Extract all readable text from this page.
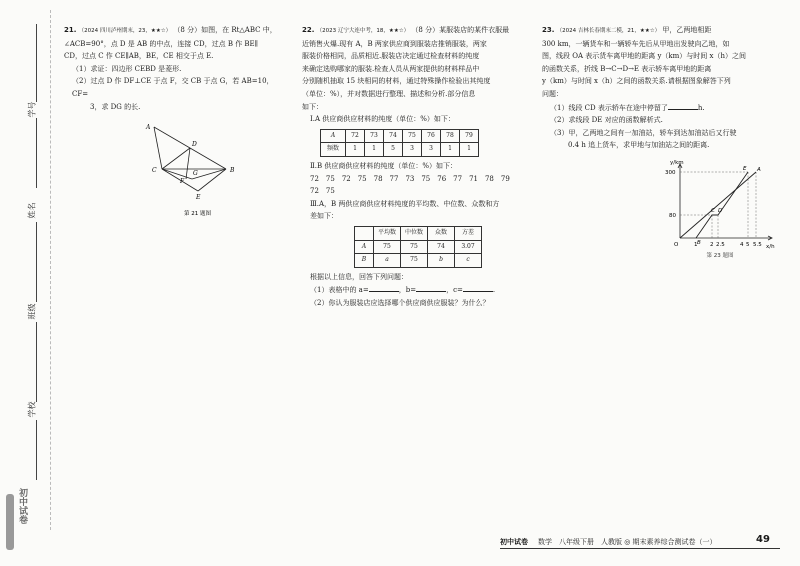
学号
姓名
班级
学校
初中试卷

21. （2024 四川泸州期末，23，★★☆） （8 分）如图，在 Rt△ABC 中，

∠ACB=90°，点 D 是 AB 的中点，连接 CD，过点 B 作 BE∥

CD，过点 C 作 CE∥AB，BE，CE 相交于点 E.

（1）求证：四边形 CEBD 是菱形.

（2）过点 D 作 DF⊥CE 于点 F，交 CB 于点 G，若 AB=10，CF=

3，求 DG 的长.

A
B
C
D
E
F
G
第 21 题图

22. （2023 辽宁大连中考，18，★★☆） （8 分）某服装店的某件衣服最

近销售火爆.现有 A，B 两家供应商到服装店推销服装，两家

服装价格相同，品质相近.服装店决定通过检查材料的纯度

来确定选购哪家的服装.检查人员从两家提供的材料样品中

分别随机抽取 15 块相同的材料，通过特殊操作检验出其纯度

（单位：%），并对数据进行整理、描述和分析.部分信息

如下：

Ⅰ.A 供应商供应材料的纯度（单位：%）如下：

A	72	73	74	75	76	78	79
频数	1	1	5	3	3	1	1

Ⅱ.B 供应商供应材料的纯度（单位：%）如下：

72　75　72　75　78　77　73　75　76　77　71　78　79

72　75

Ⅲ.A，B 两供应商供应材料纯度的平均数、中位数、众数和方

差如下：

	平均数	中位数	众数	方差
A	75	75	74	3.07
B	a	75	b	c

根据以上信息，回答下列问题：

（1）表格中的 a=	，b=	，c=	.

（2）你认为服装店应选择哪个供应商供应服装？为什么？

23. （2024 吉林长春期末二模，21，★★☆） 甲，乙两地相距

300 km，一辆货车和一辆轿车先后从甲地出发驶向乙地，如

图，线段 OA 表示货车离甲地的距离 y（km）与时间 x（h）之间

的函数关系，折线 B→C→D→E 表示轿车离甲地的距离

y（km）与时间 x（h）之间的函数关系.请根据图象解答下列

问题：

（1）线段 CD 表示轿车在途中停留了	h.

（2）求线段 DE 对应的函数解析式.

（3）甲，乙两地之间有一加油站，轿车到达加油站后又行驶

0.4 h 追上货车，求甲地与加油站之间的距离.

y/km
x/h
300
80
O	1 2 2.5	4 5 5.5
A
B
C D
E
第 23 题图
初中试卷 数学　八年级下册　人教版 ◎ 期末素养综合测试卷（一）	49
